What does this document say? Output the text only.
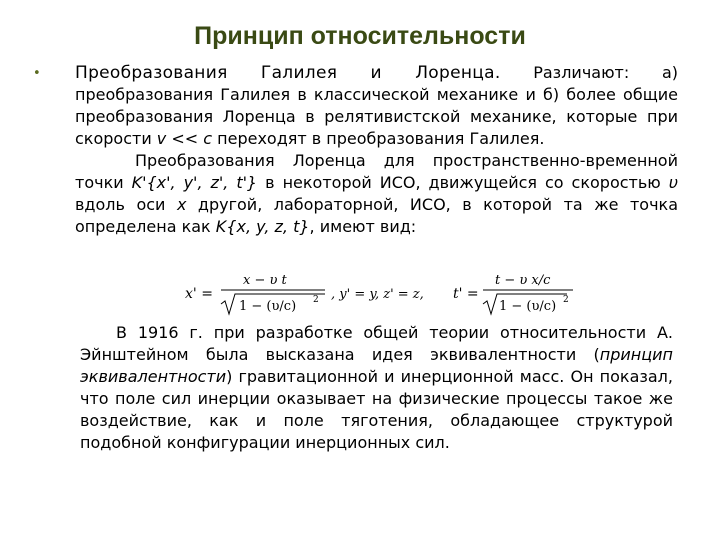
Принцип относительности
• Преобразования Галилея и Лоренца. Различают: а) преобразования Галилея в классической механике и б) более общие преобразования Лоренца в релятивистской механике, которые при скорости v << c переходят в преобразования Галилея.
Преобразования Лоренца для пространственно-временной точки K'{x', y', z', t'} в некоторой ИСО, движущейся со скоростью υ вдоль оси x другой, лабораторной, ИСО, в которой та же точка определена как K{x, y, z, t}, имеют вид:
x' =
x − υ t
1 − (υ/c) 2 , y' = y, z' = z, t' =
t − υ x/c
1 − (υ/c) 2
В 1916 г. при разработке общей теории относительности А. Эйнштейном была высказана идея эквивалентности (принцип эквивалентности) гравитационной и инерционной масс. Он показал, что поле сил инерции оказывает на физические процессы такое же воздействие, как и поле тяготения, обладающее структурой подобной конфигурации инерционных сил.
